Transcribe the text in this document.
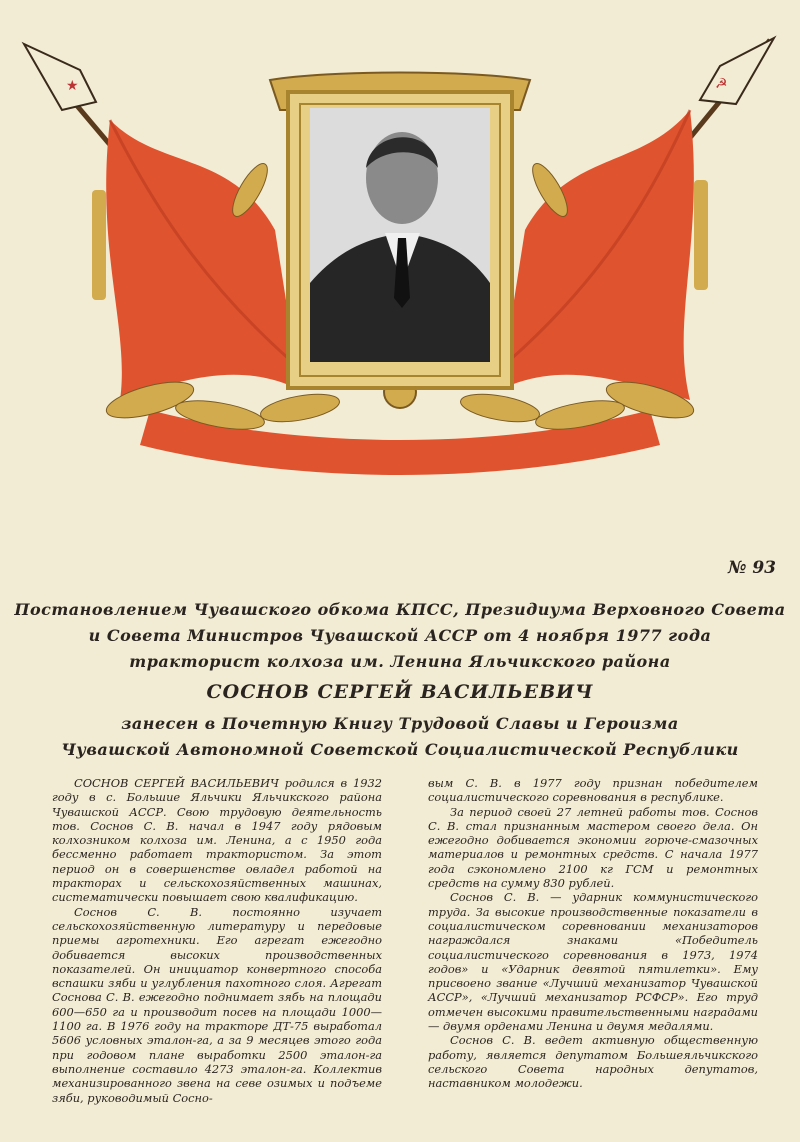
★	☭
№ 93
Постановлением Чувашского обкома КПСС, Президиума Верховного Совета
и Совета Министров Чувашской АССР от 4 ноября 1977 года
тракторист колхоза им. Ленина Яльчикского района
СОСНОВ СЕРГЕЙ ВАСИЛЬЕВИЧ
занесен в Почетную Книгу Трудовой Славы и Героизма
Чувашской Автономной Советской Социалистической Республики

СОСНОВ СЕРГЕЙ ВАСИЛЬЕВИЧ родился в 1932 году в с. Большие Яльчики Яльчикского района Чувашской АССР. Свою трудовую деятельность тов. Соснов С. В. начал в 1947 году рядовым колхозником колхоза им. Ленина, а с 1950 года бессменно работает трактористом. За этот период он в совершенстве овладел работой на тракторах и сельскохозяйственных машинах, систематически повышает свою квалификацию.

Соснов С. В. постоянно изучает сельскохозяйственную литературу и передовые приемы агротехники. Его агрегат ежегодно добивается высоких производственных показателей. Он инициатор конвертного способа вспашки зяби и углубления пахотного слоя. Агрегат Соснова С. В. ежегодно поднимает зябь на площади 600—650 га и производит посев на площади 1000—1100 га. В 1976 году на тракторе ДТ-75 выработал 5606 условных эталон-га, а за 9 месяцев этого года при годовом плане выработки 2500 эталон-га выполнение составило 4273 эталон-га. Коллектив механизированного звена на севе озимых и подъеме зяби, руководимый Сосно-

вым С. В. в 1977 году признан победителем социалистического соревнования в республике.

За период своей 27 летней работы тов. Соснов С. В. стал признанным мастером своего дела. Он ежегодно добивается экономии горюче-смазочных материалов и ремонтных средств. С начала 1977 года сэкономлено 2100 кг ГСМ и ремонтных средств на сумму 830 рублей.

Соснов С. В. — ударник коммунистического труда. За высокие производственные показатели в социалистическом соревновании механизаторов награждался знаками «Победитель социалистического соревнования в 1973, 1974 годов» и «Ударник девятой пятилетки». Ему присвоено звание «Лучший механизатор Чувашской АССР», «Лучший механизатор РСФСР». Его труд отмечен высокими правительственными наградами — двумя орденами Ленина и двумя медалями.

Соснов С. В. ведет активную общественную работу, является депутатом Большеяльчикского сельского Совета народных депутатов, наставником молодежи.
